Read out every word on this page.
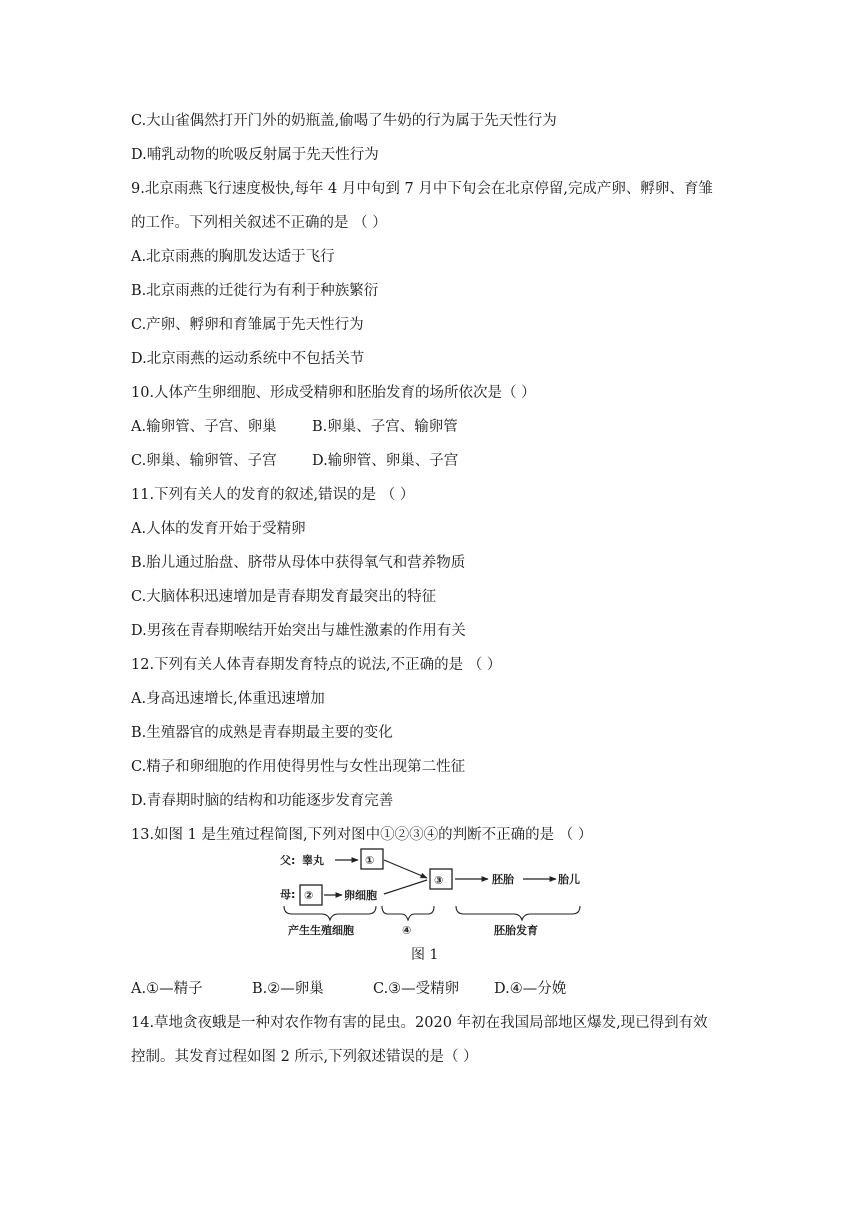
C.大山雀偶然打开门外的奶瓶盖,偷喝了牛奶的行为属于先天性行为
D.哺乳动物的吮吸反射属于先天性行为
9.北京雨燕飞行速度极快,每年 4 月中旬到 7 月中下旬会在北京停留,完成产卵、孵卵、育雏
的工作。下列相关叙述不正确的是 （ ）
A.北京雨燕的胸肌发达适于飞行
B.北京雨燕的迁徙行为有利于种族繁衍
C.产卵、孵卵和育雏属于先天性行为
D.北京雨燕的运动系统中不包括关节
10.人体产生卵细胞、形成受精卵和胚胎发育的场所依次是（ ）
A.输卵管、子宫、卵巢 B.卵巢、子宫、输卵管
C.卵巢、输卵管、子宫 D.输卵管、卵巢、子宫
11.下列有关人的发育的叙述,错误的是 （ ）
A.人体的发育开始于受精卵
B.胎儿通过胎盘、脐带从母体中获得氧气和营养物质
C.大脑体积迅速增加是青春期发育最突出的特征
D.男孩在青春期喉结开始突出与雄性激素的作用有关
12.下列有关人体青春期发育特点的说法,不正确的是 （ ）
A.身高迅速增长,体重迅速增加
B.生殖器官的成熟是青春期最主要的变化
C.精子和卵细胞的作用使得男性与女性出现第二性征
D.青春期时脑的结构和功能逐步发育完善
13.如图 1 是生殖过程简图,下列对图中①②③④的判断不正确的是 （ ）
父: 睾丸	①
母: ②	卵细胞
③	胚胎	胎儿
产生生殖细胞	④	胚胎发育
图 1
A.①—精子	B.②—卵巢	C.③—受精卵 D.④—分娩
14.草地贪夜蛾是一种对农作物有害的昆虫。2020 年初在我国局部地区爆发,现已得到有效
控制。其发育过程如图 2 所示,下列叙述错误的是（ ）
